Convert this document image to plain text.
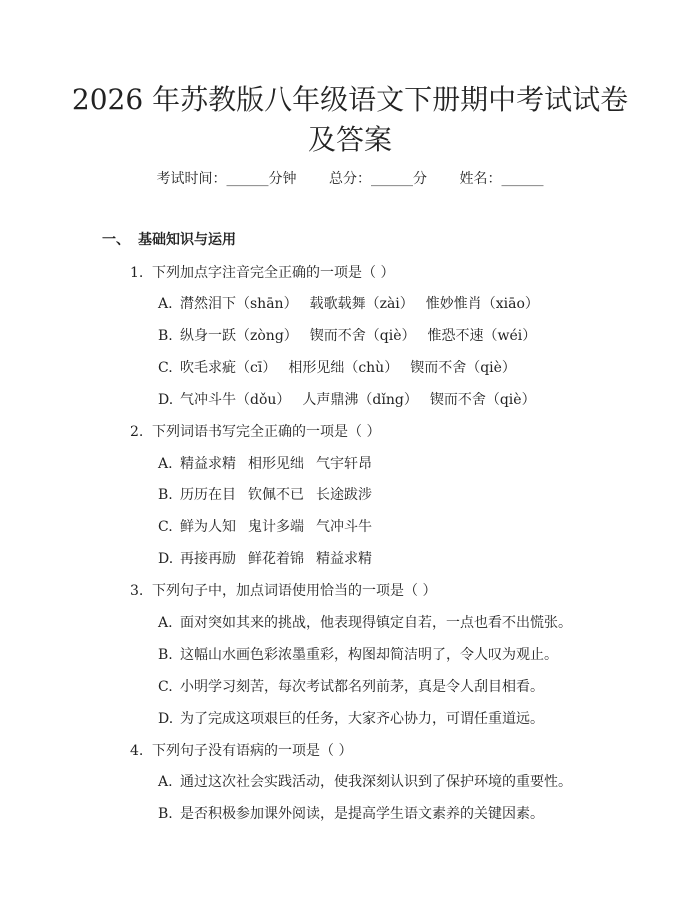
2026 年苏教版八年级语文下册期中考试试卷
及答案
考试时间：______分钟 总分：______分 姓名：______
一、 基础知识与运用
1. 下列加点字注音完全正确的一项是（ ）
A. 潸然泪下（shān） 载歌载舞（zài） 惟妙惟肖（xiāo）
B. 纵身一跃（zòng） 锲而不舍（qiè） 惟恐不速（wéi）
C. 吹毛求疵（cī） 相形见绌（chù） 锲而不舍（qiè）
D. 气冲斗牛（dǒu） 人声鼎沸（dǐng） 锲而不舍（qiè）
2. 下列词语书写完全正确的一项是（ ）
A. 精益求精 相形见绌 气宇轩昂
B. 历历在目 钦佩不已 长途跋涉
C. 鲜为人知 鬼计多端 气冲斗牛
D. 再接再励 鲜花着锦 精益求精
3. 下列句子中，加点词语使用恰当的一项是（ ）
A. 面对突如其来的挑战，他表现得镇定自若，一点也看不出慌张。
B. 这幅山水画色彩浓墨重彩，构图却简洁明了，令人叹为观止。
C. 小明学习刻苦，每次考试都名列前茅，真是令人刮目相看。
D. 为了完成这项艰巨的任务，大家齐心协力，可谓任重道远。
4. 下列句子没有语病的一项是（ ）
A. 通过这次社会实践活动，使我深刻认识到了保护环境的重要性。
B. 是否积极参加课外阅读，是提高学生语文素养的关键因素。
